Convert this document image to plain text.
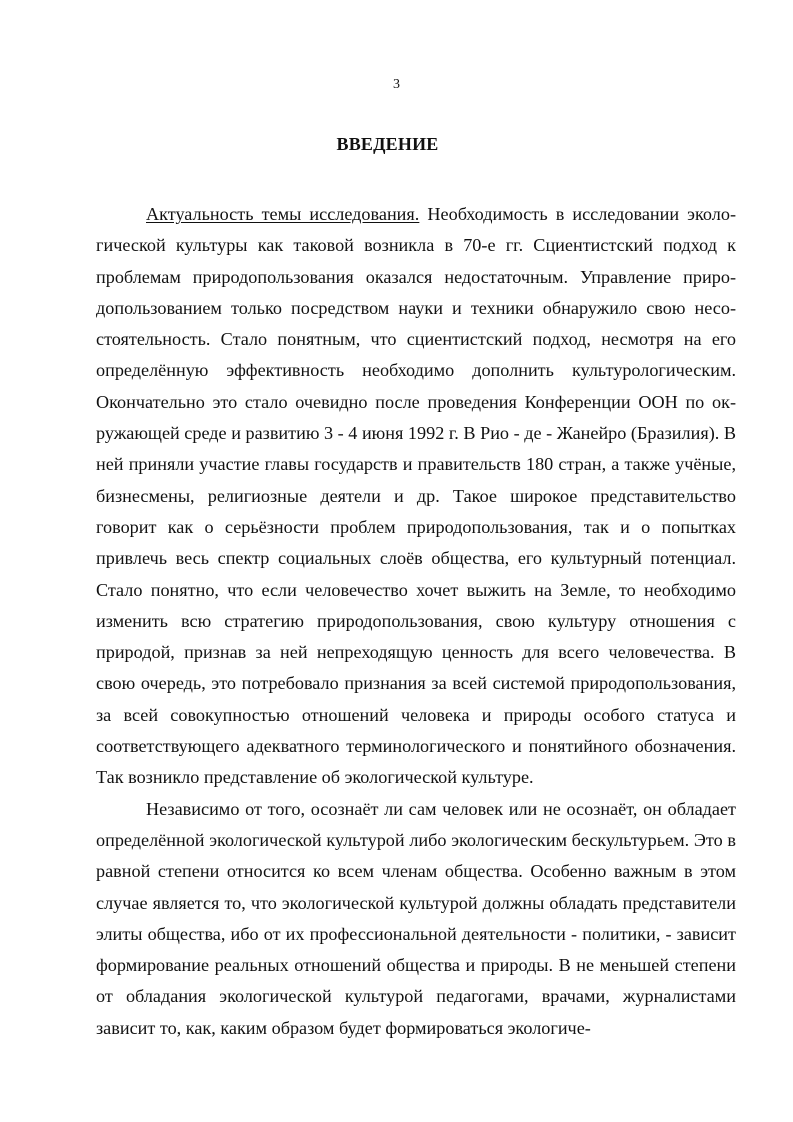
3
ВВЕДЕНИЕ

Актуальность темы исследования. Необходимость в исследовании экологической культуры как таковой возникла в 70-е гг. Сциентистский подход к проблемам природопользования оказался недостаточным. Управление природопользованием только посредством науки и техники обнаружило свою несостоятельность. Стало понятным, что сциентистский подход, несмотря на его определённую эффективность необходимо дополнить культурологическим. Окончательно это стало очевидно после проведения Конференции ООН по окружающей среде и развитию 3 - 4 июня 1992 г. В Рио - де - Жанейро (Бразилия). В ней приняли участие главы государств и правительств 180 стран, а также учёные, бизнесмены, религиозные деятели и др. Такое широкое представительство говорит как о серьёзности проблем природопользования, так и о попытках привлечь весь спектр социальных слоёв общества, его культурный потенциал. Стало понятно, что если человечество хочет выжить на Земле, то необходимо изменить всю стратегию природопользования, свою культуру отношения с природой, признав за ней непреходящую ценность для всего человечества. В свою очередь, это потребовало признания за всей системой природопользования, за всей совокупностью отношений человека и природы особого статуса и соответствующего адекватного терминологического и понятийного обозначения. Так возникло представление об экологической культуре.

Независимо от того, осознаёт ли сам человек или не осознаёт, он обладает определённой экологической культурой либо экологическим бескультурьем. Это в равной степени относится ко всем членам общества. Особенно важным в этом случае является то, что экологической культурой должны обладать представители элиты общества, ибо от их профессиональной деятельности - политики, - зависит формирование реальных отношений общества и природы. В не меньшей степени от обладания экологической культурой педагогами, врачами, журналистами зависит то, как, каким образом будет формироваться экологиче-
